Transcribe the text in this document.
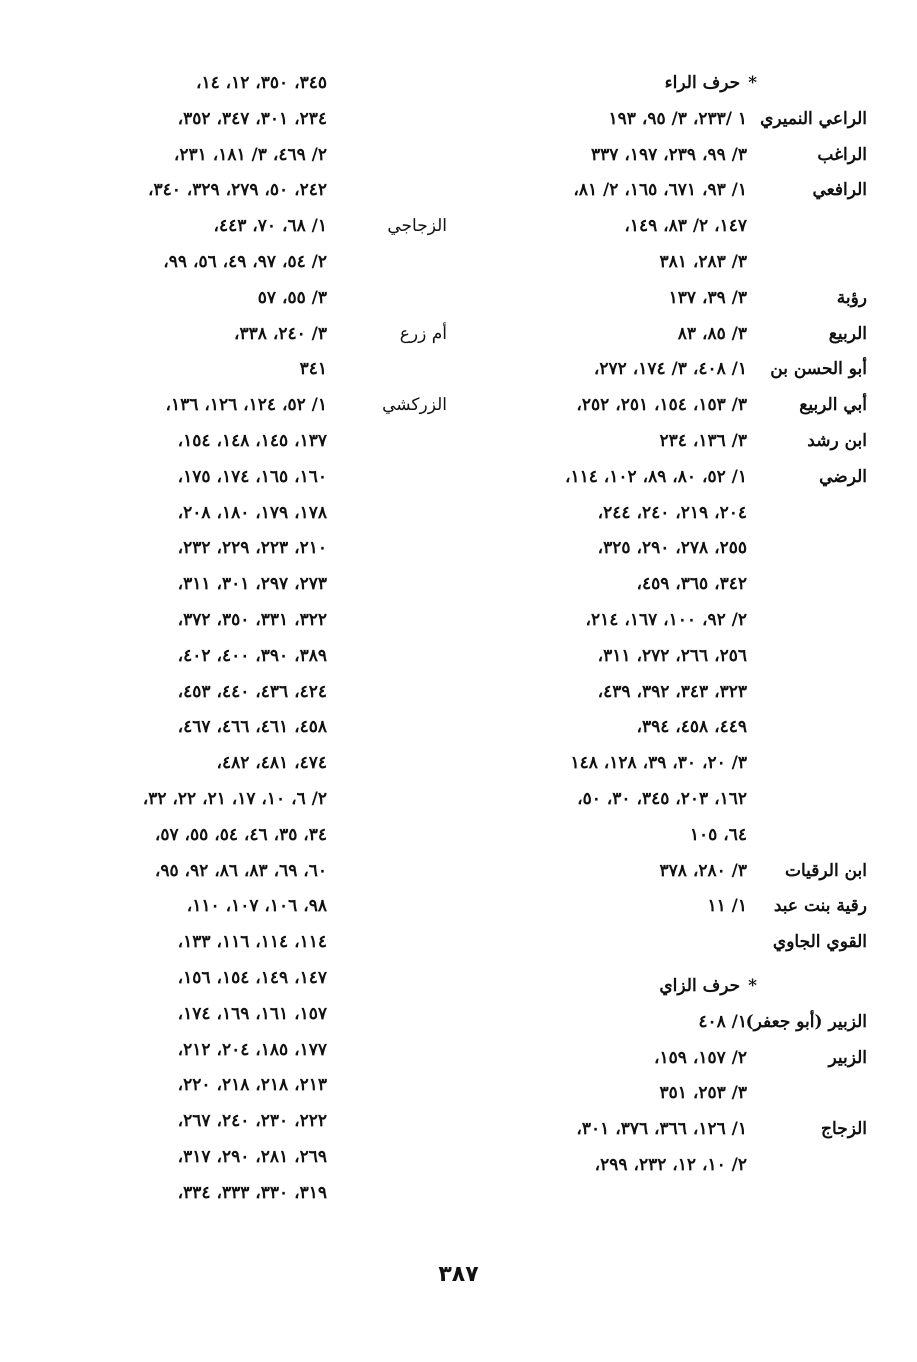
*حرف الراء
الراعي النميري
١ /٢٣٣، ٣/ ٩٥، ١٩٣
الراغب
٣/ ٩٩، ٢٣٩، ١٩٧، ٣٣٧
الرافعي
١/ ٩٣، ٦٧١، ١٦٥، ٢/ ٨١،
١٤٧، ٢/ ٨٣، ١٤٩،
٣/ ٢٨٣، ٣٨١
رؤبة
٣/ ٣٩، ١٣٧
الربيع
٣/ ٨٥، ٨٣
أبو الحسن بن
١/ ٤٠٨، ٣/ ١٧٤، ٢٧٢،
أبي الربيع
٣/ ١٥٣، ١٥٤، ٢٥١، ٢٥٢،
ابن رشد
٣/ ١٣٦، ٢٣٤
الرضي
١/ ٥٢، ٨٠، ٨٩، ١٠٢، ١١٤،
٢٠٤، ٢١٩، ٢٤٠، ٢٤٤،
٢٥٥، ٢٧٨، ٢٩٠، ٣٢٥،
٣٤٢، ٣٦٥، ٤٥٩،
٢/ ٩٢، ١٠٠، ١٦٧، ٢١٤،
٢٥٦، ٢٦٦، ٢٧٢، ٣١١،
٣٢٣، ٣٤٣، ٣٩٢، ٤٣٩،
٤٤٩، ٤٥٨، ٣٩٤،
٣/ ٢٠، ٣٠، ٣٩، ١٢٨، ١٤٨
١٦٢، ٢٠٣، ٣٤٥، ٣٠، ٥٠،
٦٤، ١٠٥
ابن الرقيات
٣/ ٢٨٠، ٣٧٨
رقية بنت عبد
١/ ١١
القوي الجاوي
*حرف الزاي
الزبير (أبو جعفر)
١/ ٤٠٨
الزبير
٢/ ١٥٧، ١٥٩،
٣/ ٢٥٣، ٣٥١
الزجاج
١/ ١٢٦، ٣٦٦، ٣٧٦، ٣٠١،
٢/ ١٠، ١٢، ٢٣٢، ٢٩٩،
٣٤٥، ٣٥٠، ١٢، ١٤،
٢٣٤، ٣٠١، ٣٤٧، ٣٥٢،
٢/ ٤٦٩، ٣/ ١٨١، ٢٣١،
٢٤٢، ٥٠، ٢٧٩، ٣٢٩، ٣٤٠،
الزجاجي
١/ ٦٨، ٧٠، ٤٤٣،
٢/ ٥٤، ٩٧، ٤٩، ٥٦، ٩٩،
٣/ ٥٥، ٥٧
أم زرع
٣/ ٢٤٠، ٣٣٨،
٣٤١
الزركشي
١/ ٥٢، ١٢٤، ١٢٦، ١٣٦،
١٣٧، ١٤٥، ١٤٨، ١٥٤،
١٦٠، ١٦٥، ١٧٤، ١٧٥،
١٧٨، ١٧٩، ١٨٠، ٢٠٨،
٢١٠، ٢٢٣، ٢٢٩، ٢٣٢،
٢٧٣، ٢٩٧، ٣٠١، ٣١١،
٣٢٢، ٣٣١، ٣٥٠، ٣٧٢،
٣٨٩، ٣٩٠، ٤٠٠، ٤٠٢،
٤٢٤، ٤٣٦، ٤٤٠، ٤٥٣،
٤٥٨، ٤٦١، ٤٦٦، ٤٦٧،
٤٧٤، ٤٨١، ٤٨٢،
٢/ ٦، ١٠، ١٧، ٢١، ٢٢، ٣٢،
٣٤، ٣٥، ٤٦، ٥٤، ٥٥، ٥٧،
٦٠، ٦٩، ٨٣، ٨٦، ٩٢، ٩٥،
٩٨، ١٠٦، ١٠٧، ١١٠،
١١٤، ١١٤، ١١٦، ١٣٣،
١٤٧، ١٤٩، ١٥٤، ١٥٦،
١٥٧، ١٦١، ١٦٩، ١٧٤،
١٧٧، ١٨٥، ٢٠٤، ٢١٢،
٢١٣، ٢١٨، ٢١٨، ٢٢٠،
٢٢٢، ٢٣٠، ٢٤٠، ٢٦٧،
٢٦٩، ٢٨١، ٢٩٠، ٣١٧،
٣١٩، ٣٣٠، ٣٣٣، ٣٣٤،
٣٨٧
